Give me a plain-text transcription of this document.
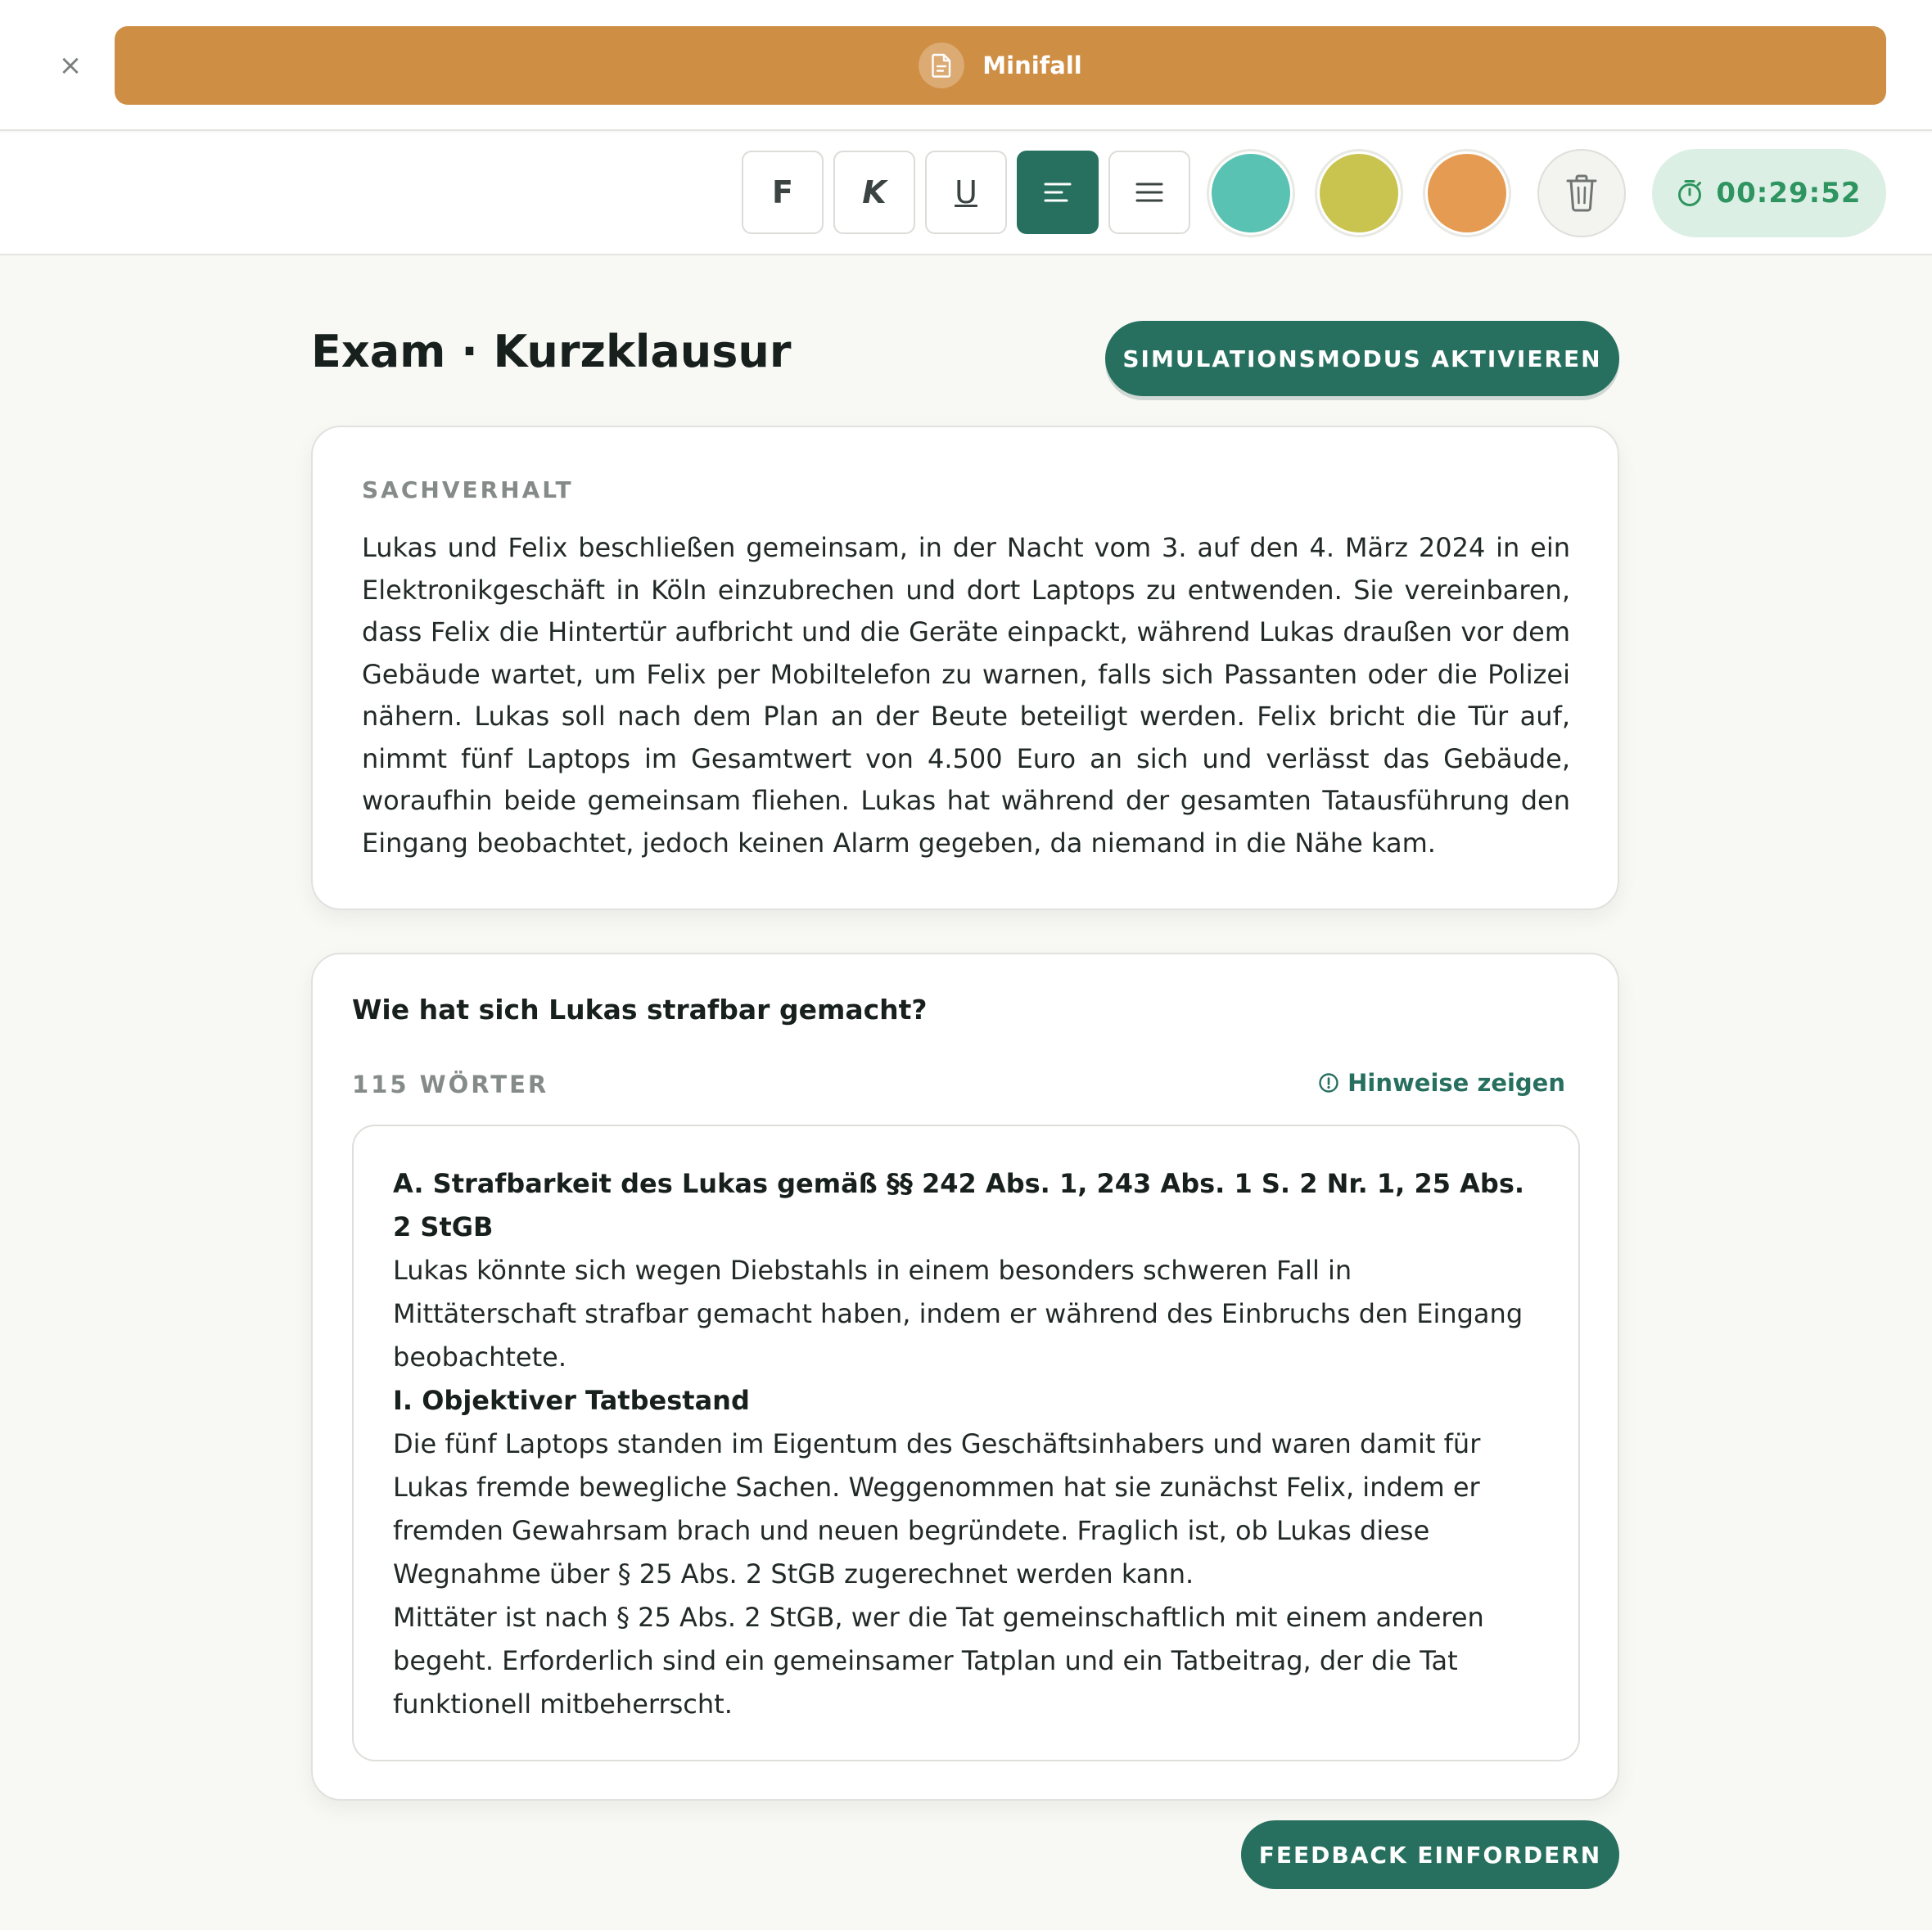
×	Minifall
F K U	00:29:52
Exam · Kurzklausur	SIMULATIONSMODUS AKTIVIEREN
SACHVERHALT

Lukas und Felix beschließen gemeinsam, in der Nacht vom 3. auf den 4. März 2024 in ein Elektronikgeschäft in Köln einzubrechen und dort Laptops zu entwenden. Sie vereinbaren, dass Felix die Hintertür aufbricht und die Geräte einpackt, während Lukas draußen vor dem Gebäude wartet, um Felix per Mobiltelefon zu warnen, falls sich Passanten oder die Polizei nähern. Lukas soll nach dem Plan an der Beute beteiligt werden. Felix bricht die Tür auf, nimmt fünf Laptops im Gesamtwert von 4.500 Euro an sich und verlässt das Gebäude, woraufhin beide gemeinsam fliehen. Lukas hat während der gesamten Tatausführung den Eingang beobachtet, jedoch keinen Alarm gegeben, da niemand in die Nähe kam.

Wie hat sich Lukas strafbar gemacht?
115 WÖRTER	Hinweise zeigen
A. Strafbarkeit des Lukas gemäß §§ 242 Abs. 1, 243 Abs. 1 S. 2 Nr. 1, 25 Abs. 2 StGB
Lukas könnte sich wegen Diebstahls in einem besonders schweren Fall in Mittäterschaft strafbar gemacht haben, indem er während des Einbruchs den Eingang beobachtete.
I. Objektiver Tatbestand
Die fünf Laptops standen im Eigentum des Geschäftsinhabers und waren damit für Lukas fremde bewegliche Sachen. Weggenommen hat sie zunächst Felix, indem er fremden Gewahrsam brach und neuen begründete. Fraglich ist, ob Lukas diese Wegnahme über § 25 Abs. 2 StGB zugerechnet werden kann.
Mittäter ist nach § 25 Abs. 2 StGB, wer die Tat gemeinschaftlich mit einem anderen begeht. Erforderlich sind ein gemeinsamer Tatplan und ein Tatbeitrag, der die Tat funktionell mitbeherrscht.
FEEDBACK EINFORDERN
